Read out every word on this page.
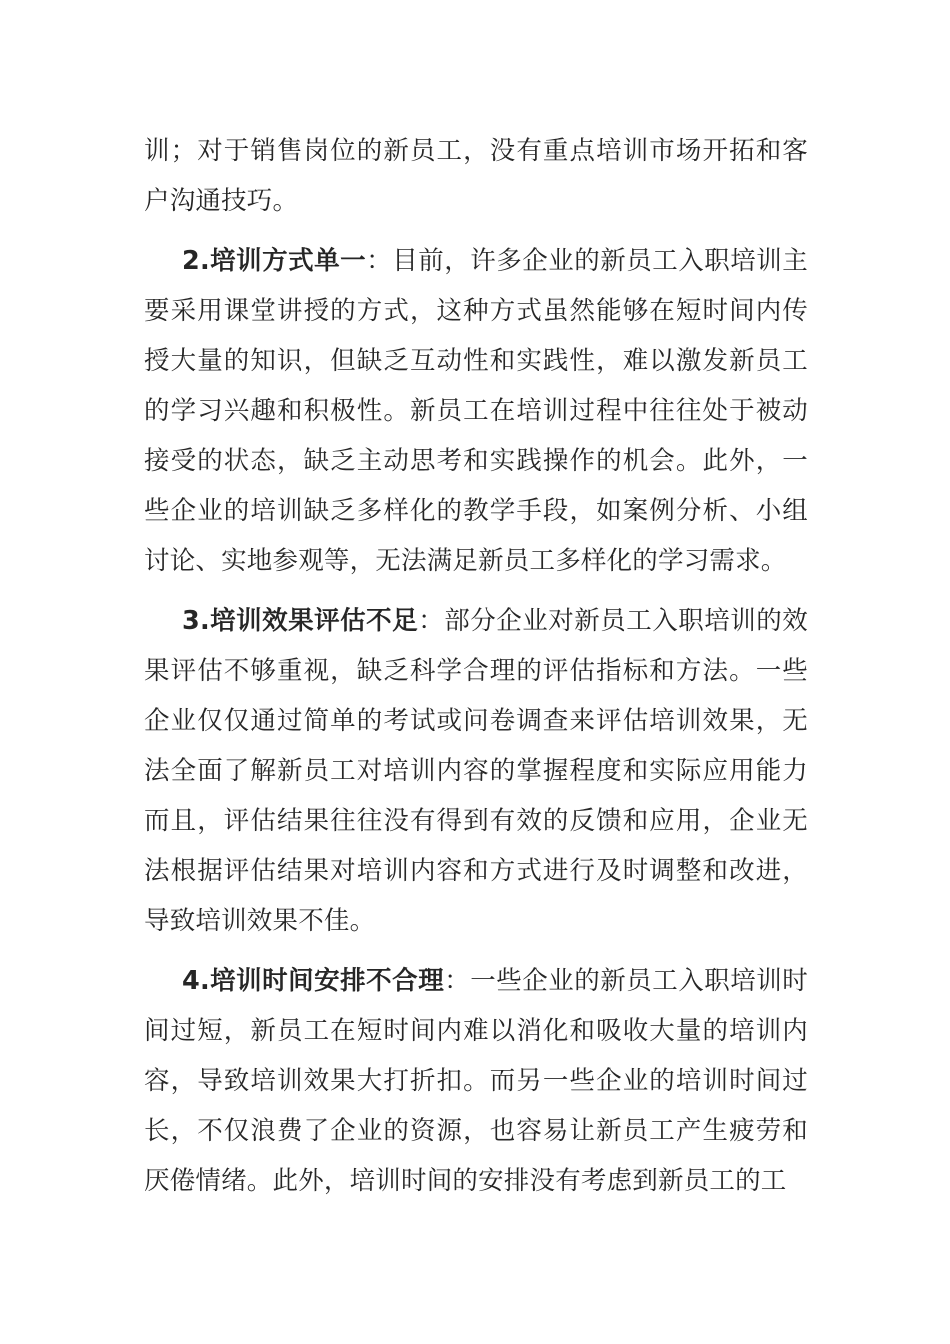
训；对于销售岗位的新员工，没有重点培训市场开拓和客户沟通技巧。

2.培训方式单一：目前，许多企业的新员工入职培训主要采用课堂讲授的方式，这种方式虽然能够在短时间内传授大量的知识，但缺乏互动性和实践性，难以激发新员工的学习兴趣和积极性。新员工在培训过程中往往处于被动接受的状态，缺乏主动思考和实践操作的机会。此外，一些企业的培训缺乏多样化的教学手段，如案例分析、小组讨论、实地参观等，无法满足新员工多样化的学习需求。

3.培训效果评估不足：部分企业对新员工入职培训的效果评估不够重视，缺乏科学合理的评估指标和方法。一些企业仅仅通过简单的考试或问卷调查来评估培训效果，无法全面了解新员工对培训内容的掌握程度和实际应用能力而且，评估结果往往没有得到有效的反馈和应用，企业无法根据评估结果对培训内容和方式进行及时调整和改进，导致培训效果不佳。

4.培训时间安排不合理：一些企业的新员工入职培训时间过短，新员工在短时间内难以消化和吸收大量的培训内容，导致培训效果大打折扣。而另一些企业的培训时间过长，不仅浪费了企业的资源，也容易让新员工产生疲劳和厌倦情绪。此外，培训时间的安排没有考虑到新员工的工
